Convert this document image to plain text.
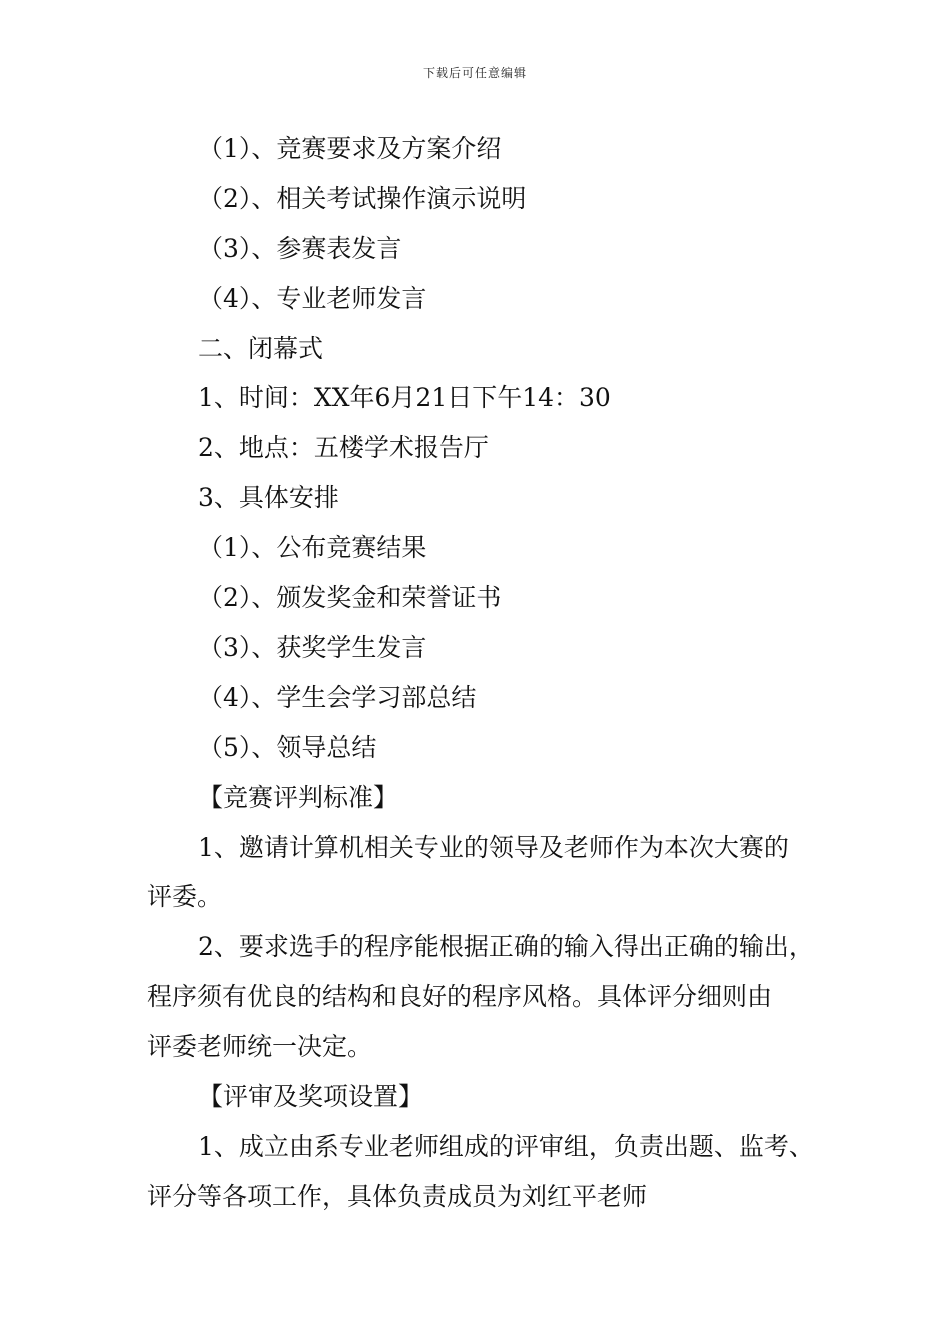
下载后可任意编辑
（1）、竞赛要求及方案介绍
（2）、相关考试操作演示说明
（3）、参赛表发言
（4）、专业老师发言
二、闭幕式
1、时间：XX年6月21日下午14：30
2、地点：五楼学术报告厅
3、具体安排
（1）、公布竞赛结果
（2）、颁发奖金和荣誉证书
（3）、获奖学生发言
（4）、学生会学习部总结
（5）、领导总结
【竞赛评判标准】
1、邀请计算机相关专业的领导及老师作为本次大赛的
评委。
2、要求选手的程序能根据正确的输入得出正确的输出，
程序须有优良的结构和良好的程序风格。具体评分细则由
评委老师统一决定。
【评审及奖项设置】
1、成立由系专业老师组成的评审组，负责出题、监考、
评分等各项工作，具体负责成员为刘红平老师
